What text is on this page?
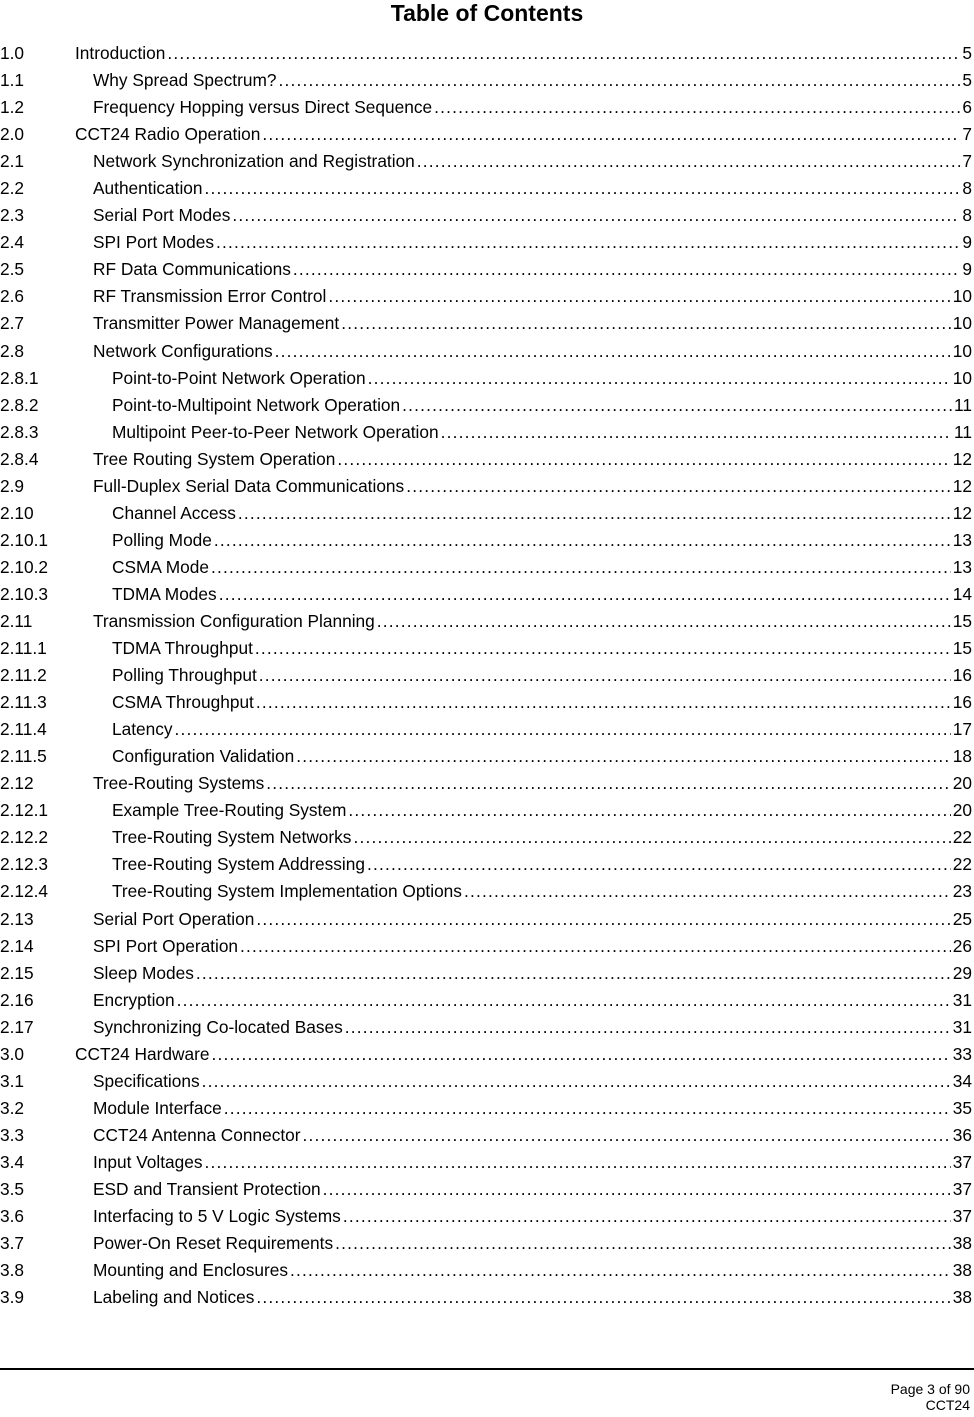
Table of Contents
1.0	Introduction .....	5
1.1	Why Spread Spectrum? .....	5
1.2	Frequency Hopping versus Direct Sequence .....	6
2.0	CCT24 Radio Operation .....	7
2.1	Network Synchronization and Registration .....	7
2.2	Authentication .....	8
2.3	Serial Port Modes .....	8
2.4	SPI Port Modes .....	9
2.5	RF Data Communications .....	9
2.6	RF Transmission Error Control .....	10
2.7	Transmitter Power Management .....	10
2.8	Network Configurations .....	10
2.8.1	Point-to-Point Network Operation .....	10
2.8.2	Point-to-Multipoint Network Operation .....	11
2.8.3	Multipoint Peer-to-Peer Network Operation .....	11
2.8.4	Tree Routing System Operation .....	12
2.9	Full-Duplex Serial Data Communications .....	12
2.10	Channel Access .....	12
2.10.1	Polling Mode .....	13
2.10.2	CSMA Mode .....	13
2.10.3	TDMA Modes .....	14
2.11	Transmission Configuration Planning .....	15
2.11.1	TDMA Throughput .....	15
2.11.2	Polling Throughput .....	16
2.11.3	CSMA Throughput .....	16
2.11.4	Latency .....	17
2.11.5	Configuration Validation .....	18
2.12	Tree-Routing Systems .....	20
2.12.1	Example Tree-Routing System .....	20
2.12.2	Tree-Routing System Networks .....	22
2.12.3	Tree-Routing System Addressing .....	22
2.12.4	Tree-Routing System Implementation Options .....	23
2.13	Serial Port Operation .....	25
2.14	SPI Port Operation .....	26
2.15	Sleep Modes .....	29
2.16	Encryption .....	31
2.17	Synchronizing Co-located Bases .....	31
3.0	CCT24 Hardware .....	33
3.1	Specifications .....	34
3.2	Module Interface .....	35
3.3	CCT24 Antenna Connector .....	36
3.4	Input Voltages .....	37
3.5	ESD and Transient Protection .....	37
3.6	Interfacing to 5 V Logic Systems .....	37
3.7	Power-On Reset Requirements .....	38
3.8	Mounting and Enclosures .....	38
3.9	Labeling and Notices .....	38
Page 3 of 90
CCT24
